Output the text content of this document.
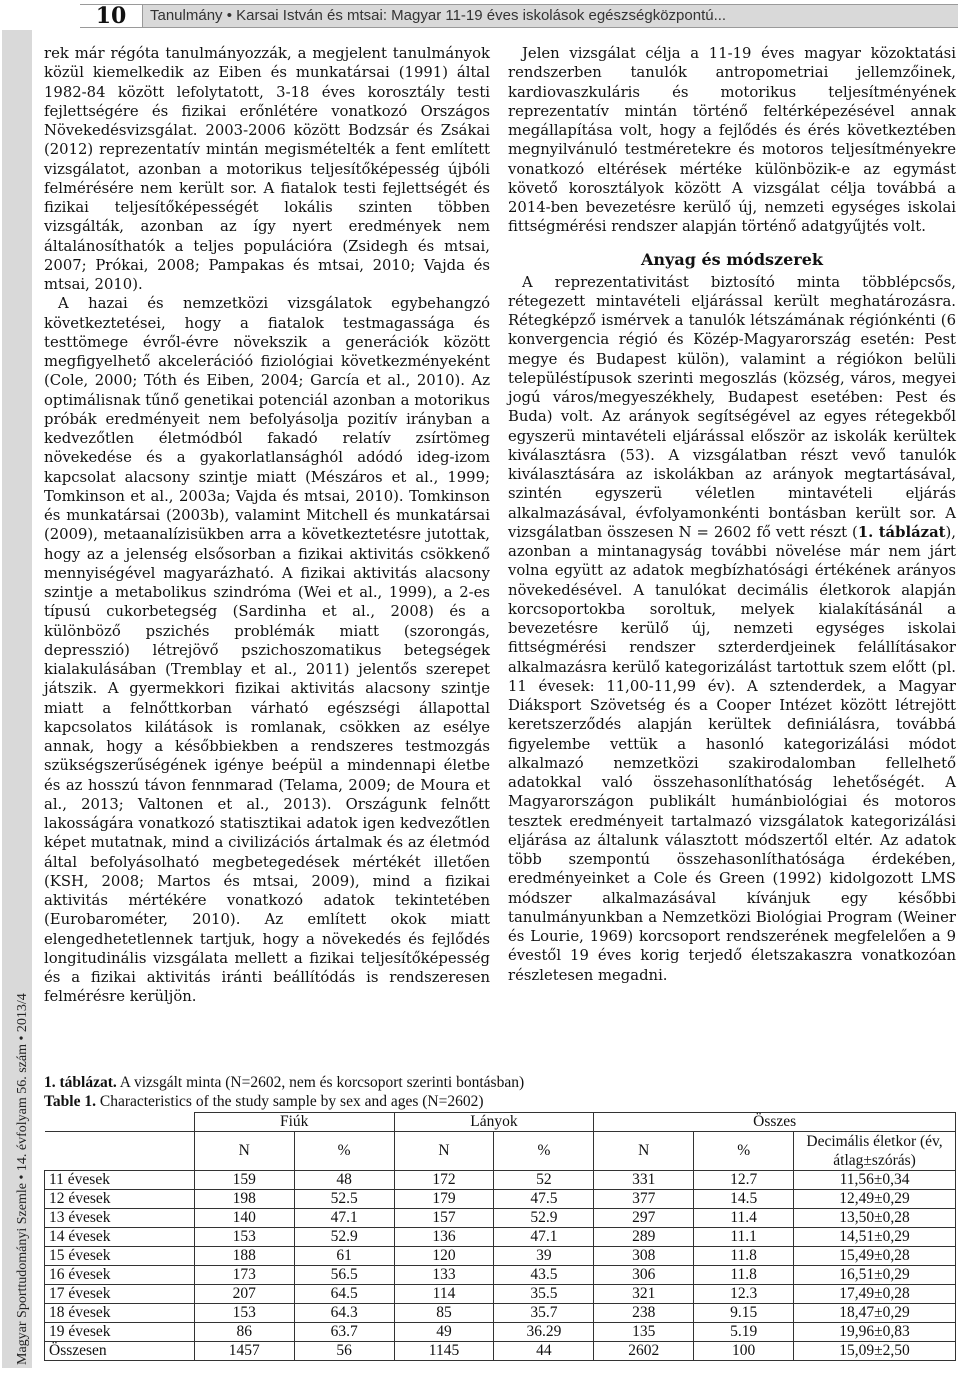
10	Tanulmány • Karsai István és mtsai: Magyar 11-19 éves iskolások egészségközpontú...
Magyar Sporttudományi Szemle • 14. évfolyam 56. szám • 2013/4

rek már régóta tanulmányozzák, a megjelent tanulmányok közül kiemelkedik az Eiben és munkatársai (1991) által 1982-84 között lefolytatott, 3-18 éves korosztály testi fejlettségére és fizikai erőnlétére vonatkozó Országos Növekedésvizsgálat. 2003-2006 között Bodzsár és Zsákai (2012) reprezentatív mintán megismételték a fent említett vizsgálatot, azonban a motorikus teljesítőképesség újbóli felmérésére nem került sor. A fiatalok testi fejlettségét és fizikai teljesítőképességét lokális szinten többen vizsgálták, azonban az így nyert eredmények nem általánosíthatók a teljes populációra (Zsidegh és mtsai, 2007; Prókai, 2008; Pampakas és mtsai, 2010; Vajda és mtsai, 2010).

A hazai és nemzetközi vizsgálatok egybehangzó következtetései, hogy a fiatalok testmagassága és testtömege évről-évre növekszik a generációk között megfigyelhető akcelerációó fiziológiai következményeként (Cole, 2000; Tóth és Eiben, 2004; García et al., 2010). Az optimálisnak tűnő genetikai potenciál azonban a motorikus próbák eredményeit nem befolyásolja pozitív irányban a kedvezőtlen életmódból fakadó relatív zsírtömeg növekedése és a gyakorlatlansághól adódó ideg-izom kapcsolat alacsony szintje miatt (Mészáros et al., 1999; Tomkinson et al., 2003a; Vajda és mtsai, 2010). Tomkinson és munkatársai (2003b), valamint Mitchell és munkatársai (2009), metaanalízisükben arra a következtetésre jutottak, hogy az a jelenség elsősorban a fizikai aktivitás csökkenő mennyiségével magyarázható. A fizikai aktivitás alacsony szintje a metabolikus szindróma (Wei et al., 1999), a 2-es típusú cukorbetegség (Sardinha et al., 2008) és a különböző pszichés problémák miatt (szorongás, depresszió) létrejövő pszichoszomatikus betegségek kialakulásában (Tremblay et al., 2011) jelentős szerepet játszik. A gyermekkori fizikai aktivitás alacsony szintje miatt a felnőttkorban várható egészségi állapottal kapcsolatos kilátások is romlanak, csökken az esélye annak, hogy a későbbiekben a rendszeres testmozgás szükségszerűségének igénye beépül a mindennapi életbe és az hosszú távon fennmarad (Telama, 2009; de Moura et al., 2013; Valtonen et al., 2013). Országunk felnőtt lakosságára vonatkozó statisztikai adatok igen kedvezőtlen képet mutatnak, mind a civilizációs ártalmak és az életmód által befolyásolható megbetegedések mértékét illetően (KSH, 2008; Martos és mtsai, 2009), mind a fizikai aktivitás mértékére vonatkozó adatok tekintetében (Eurobarométer, 2010). Az említett okok miatt elengedhetetlennek tartjuk, hogy a növekedés és fejlődés longitudinális vizsgálata mellett a fizikai teljesítőképesség és a fizikai aktivitás iránti beállítódás is rendszeresen felmérésre kerüljön.

Jelen vizsgálat célja a 11-19 éves magyar közoktatási rendszerben tanulók antropometriai jellemzőinek, kardiovaszkuláris és motorikus teljesítményének reprezentatív mintán történő feltérképezésével annak megállapítása volt, hogy a fejlődés és érés következtében megnyilvánuló testméretekre és motoros teljesítményekre vonatkozó eltérések mértéke különbözik-e az egymást követő korosztályok között A vizsgálat célja továbbá a 2014-ben bevezetésre kerülő új, nemzeti egységes iskolai fittségmérési rendszer alapján történő adatgyűjtés volt.

Anyag és módszerek

A reprezentativitást biztosító minta többlépcsős, rétegezett mintavételi eljárással került meghatározásra. Rétegképző ismérvek a tanulók létszámának régiónkénti (6 konvergencia régió és Közép-Magyarország esetén: Pest megye és Budapest külön), valamint a régiókon belüli településtípusok szerinti megoszlás (község, város, megyei jogú város/megyeszékhely, Budapest esetében: Pest és Buda) volt. Az arányok segítségével az egyes rétegekből egyszerü mintavételi eljárással először az iskolák kerültek kiválasztásra (53). A vizsgálatban részt vevő tanulók kiválasztására az iskolákban az arányok megtartásával, szintén egyszerü véletlen mintavételi eljárás alkalmazásával, évfolyamonkénti bontásban került sor. A vizsgálatban összesen N = 2602 fő vett részt (1. táblázat), azonban a mintanagyság további növelése már nem járt volna együtt az adatok megbízhatósági értékének arányos növekedésével. A tanulókat decimális életkorok alapján korcsoportokba soroltuk, melyek kialakításánál a bevezetésre kerülő új, nemzeti egységes iskolai fittségmérési rendszer szterderdjeinek felállításakor alkalmazásra kerülő kategorizálást tartottuk szem előtt (pl. 11 évesek: 11,00-11,99 év). A sztenderdek, a Magyar Diáksport Szövetség és a Cooper Intézet között létrejött keretszerződés alapján kerültek definiálásra, továbbá figyelembe vettük a hasonló kategorizálási módot alkalmazó nemzetközi szakirodalomban fellelhető adatokkal való összehasonlíthatóság lehetőségét. A Magyarországon publikált humánbiológiai és motoros tesztek eredményeit tartalmazó vizsgálatok kategorizálási eljárása az általunk választott módszertől eltér. Az adatok több szempontú összehasonlíthatósága érdekében, eredményeinket a Cole és Green (1992) kidolgozott LMS módszer alkalmazásával kívánjuk egy későbbi tanulmányunkban a Nemzetközi Biológiai Program (Weiner és Lourie, 1969) korcsoport rendszerének megfelelően a 9 évestől 19 éves korig terjedő életszakaszra vonatkozóan részletesen megadni.

1. táblázat. A vizsgált minta (N=2602, nem és korcsoport szerinti bontásban)
Table 1. Characteristics of the study sample by sex and ages (N=2602)
	Fiúk		Lányok		Összes		
	N	%	N	%	N	%	Decimális életkor (év, átlag±szórás)
11 évesek	159	48	172	52	331	12.7	11,56±0,34
12 évesek	198	52.5	179	47.5	377	14.5	12,49±0,29
13 évesek	140	47.1	157	52.9	297	11.4	13,50±0,28
14 évesek	153	52.9	136	47.1	289	11.1	14,51±0,29
15 évesek	188	61	120	39	308	11.8	15,49±0,28
16 évesek	173	56.5	133	43.5	306	11.8	16,51±0,29
17 évesek	207	64.5	114	35.5	321	12.3	17,49±0,28
18 évesek	153	64.3	85	35.7	238	9.15	18,47±0,29
19 évesek	86	63.7	49	36.29	135	5.19	19,96±0,83
Összesen	1457	56	1145	44	2602	100	15,09±2,50
